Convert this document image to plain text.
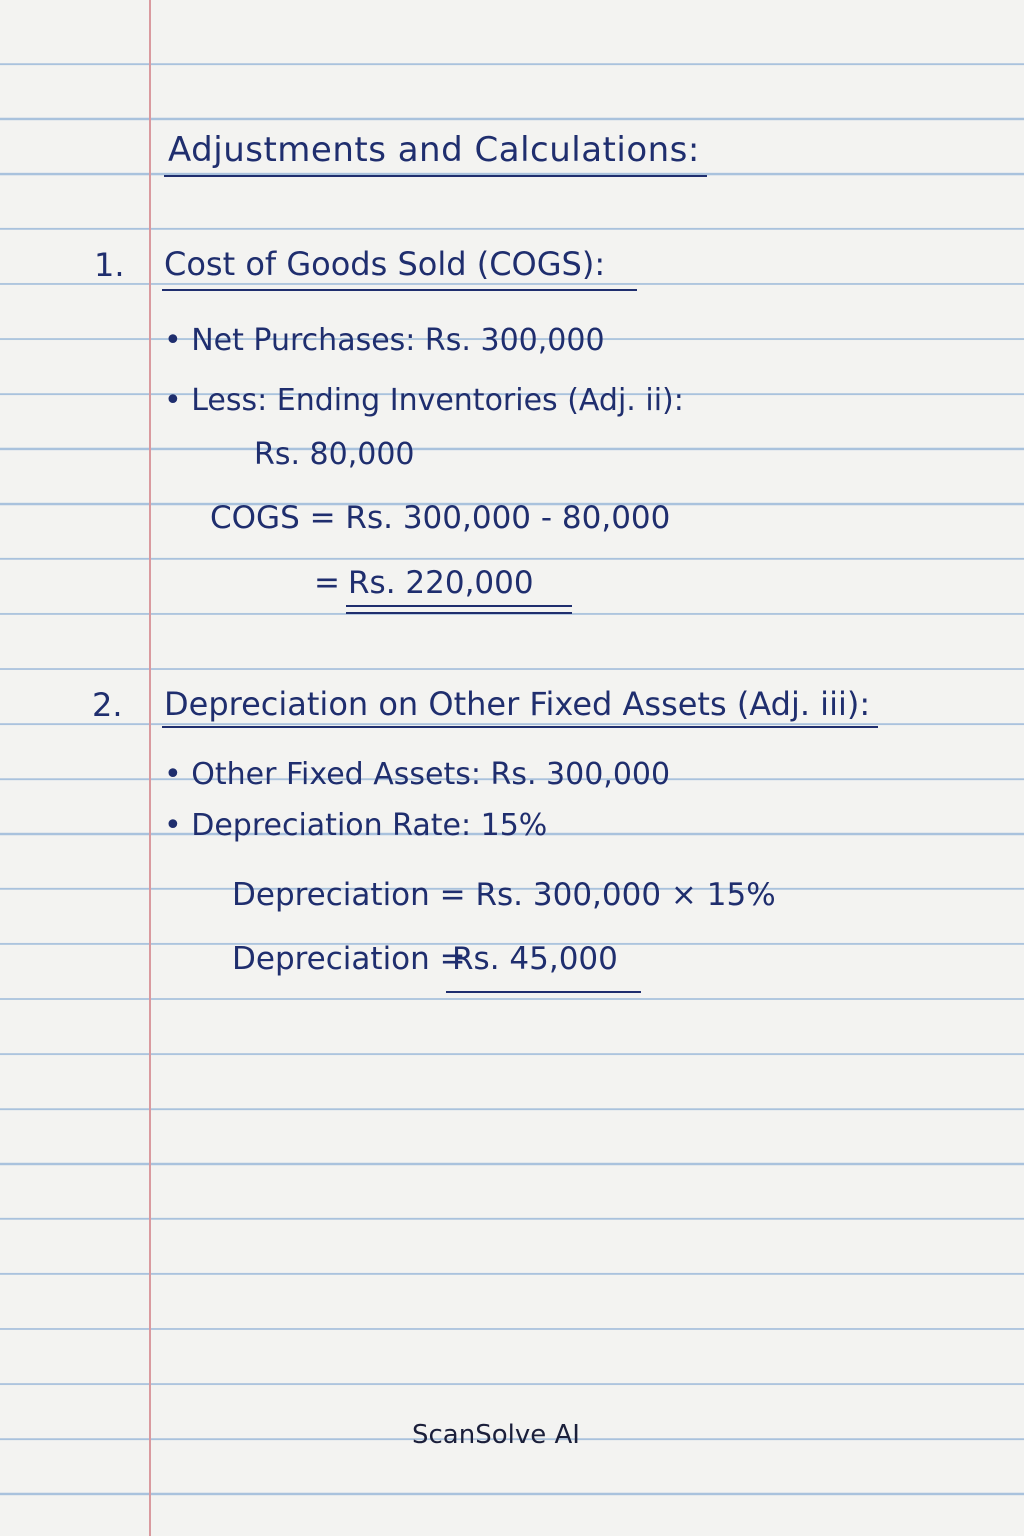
Adjustments and Calculations:
1. Cost of Goods Sold (COGS):
• Net Purchases: Rs. 300,000
• Less: Ending Inventories (Adj. ii):
Rs. 80,000
COGS = Rs. 300,000 - 80,000
= Rs. 220,000
2. Depreciation on Other Fixed Assets (Adj. iii):
• Other Fixed Assets: Rs. 300,000
• Depreciation Rate: 15%
Depreciation = Rs. 300,000 × 15%
Depreciation =
Rs. 45,000
ScanSolve AI
